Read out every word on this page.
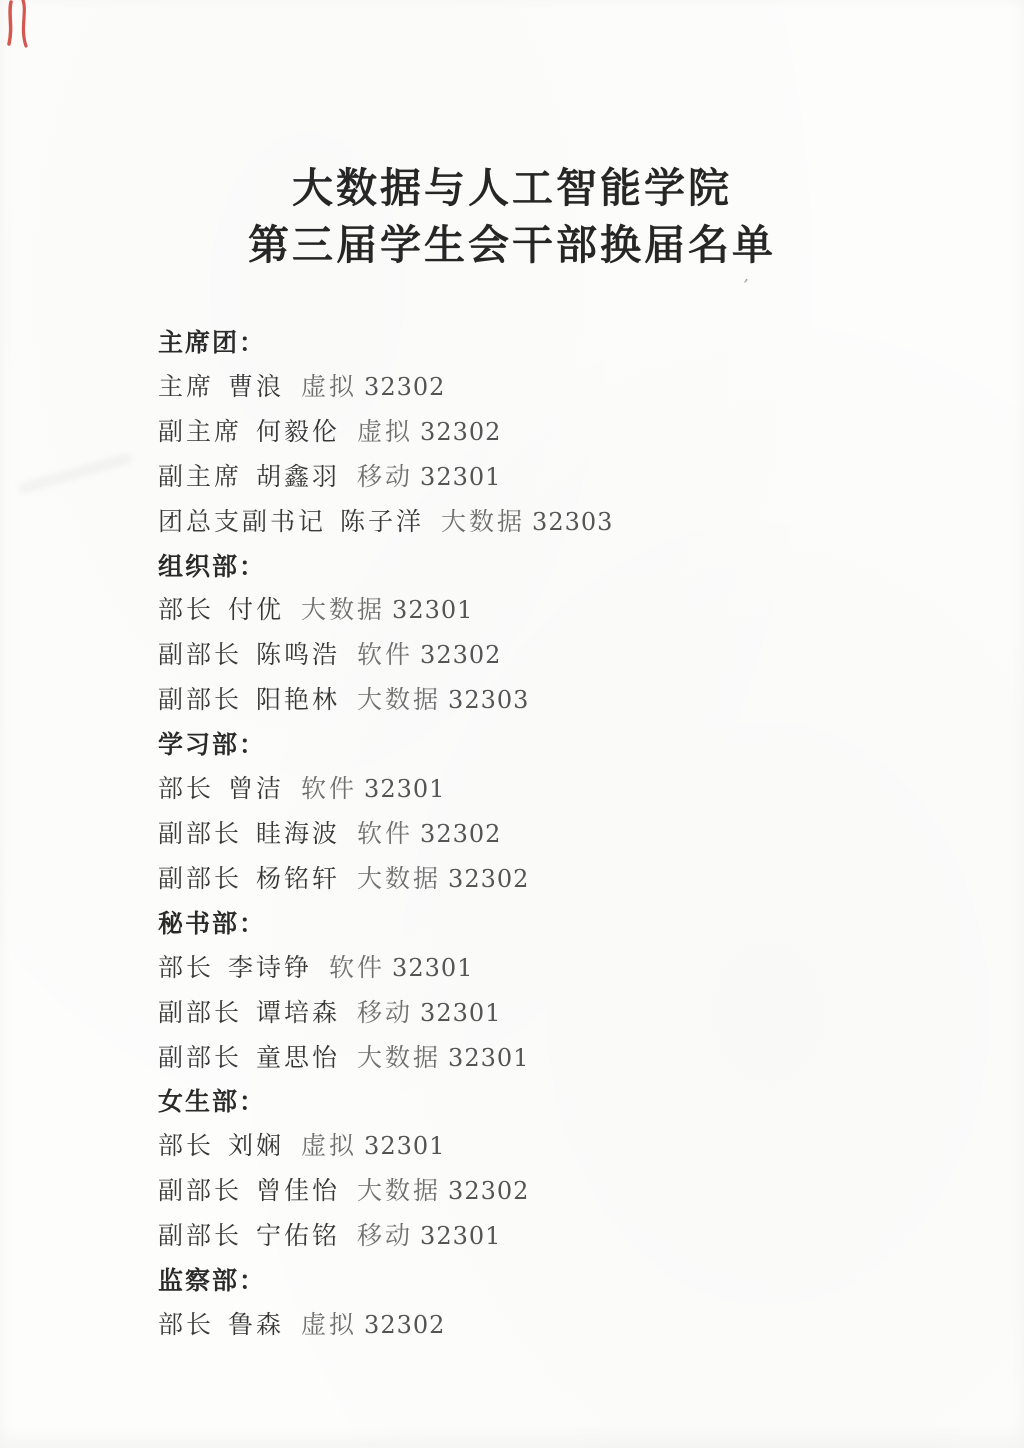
’
大数据与人工智能学院
第三届学生会干部换届名单
主席团：

主席 曹浪 虚拟 32302

副主席 何毅伦 虚拟 32302

副主席 胡鑫羽 移动 32301

团总支副书记 陈子洋 大数据 32303

组织部：

部长 付优 大数据 32301

副部长 陈鸣浩 软件 32302

副部长 阳艳林 大数据 32303

学习部：

部长 曾洁 软件 32301

副部长 眭海波 软件 32302

副部长 杨铭轩 大数据 32302

秘书部：

部长 李诗铮 软件 32301

副部长 谭培森 移动 32301

副部长 童思怡 大数据 32301

女生部：

部长 刘娴 虚拟 32301

副部长 曾佳怡 大数据 32302

副部长 宁佑铭 移动 32301

监察部：

部长 鲁森 虚拟 32302
